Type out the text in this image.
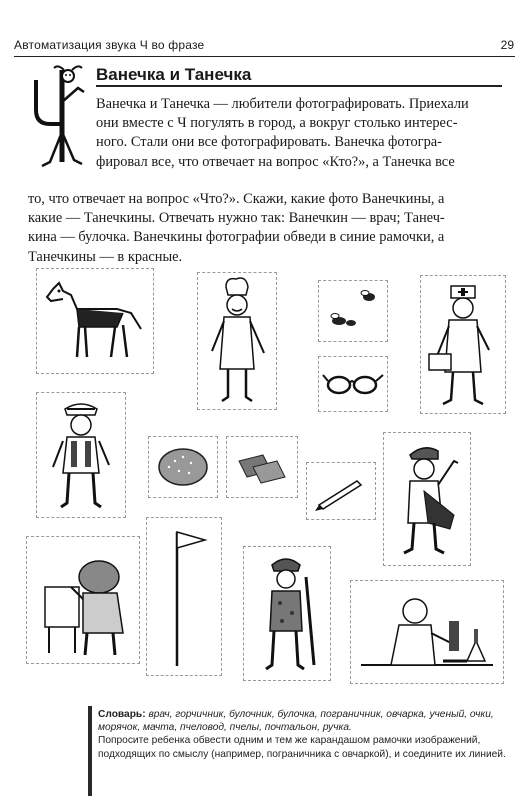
Автоматизация звука Ч во фразе	29
Ванечка и Танечка
Ванечка и Танечка — любители фотографировать. Приехали
они вместе с Ч погулять в город, а вокруг столько интерес-
ного. Стали они все фотографировать. Ванечка фотогра-
фировал все, что отвечает на вопрос «Кто?», а Танечка все
то, что отвечает на вопрос «Что?». Скажи, какие фото Ванечкины, а
какие — Танечкины. Отвечать нужно так: Ванечкин — врач; Танеч-
кина — булочка. Ванечкины фотографии обведи в синие рамочки, а
Танечкины — в красные.
Словарь: врач, горчичник, булочник, булочка, пограничник, овчарка, ученый, очки, морячок, мачта, пчеловод, пчелы, почтальон, ручка.
Попросите ребенка обвести одним и тем же карандашом рамочки изображений, подходящих по смыслу (например, пограничника с овчаркой), и соедините их линией.
